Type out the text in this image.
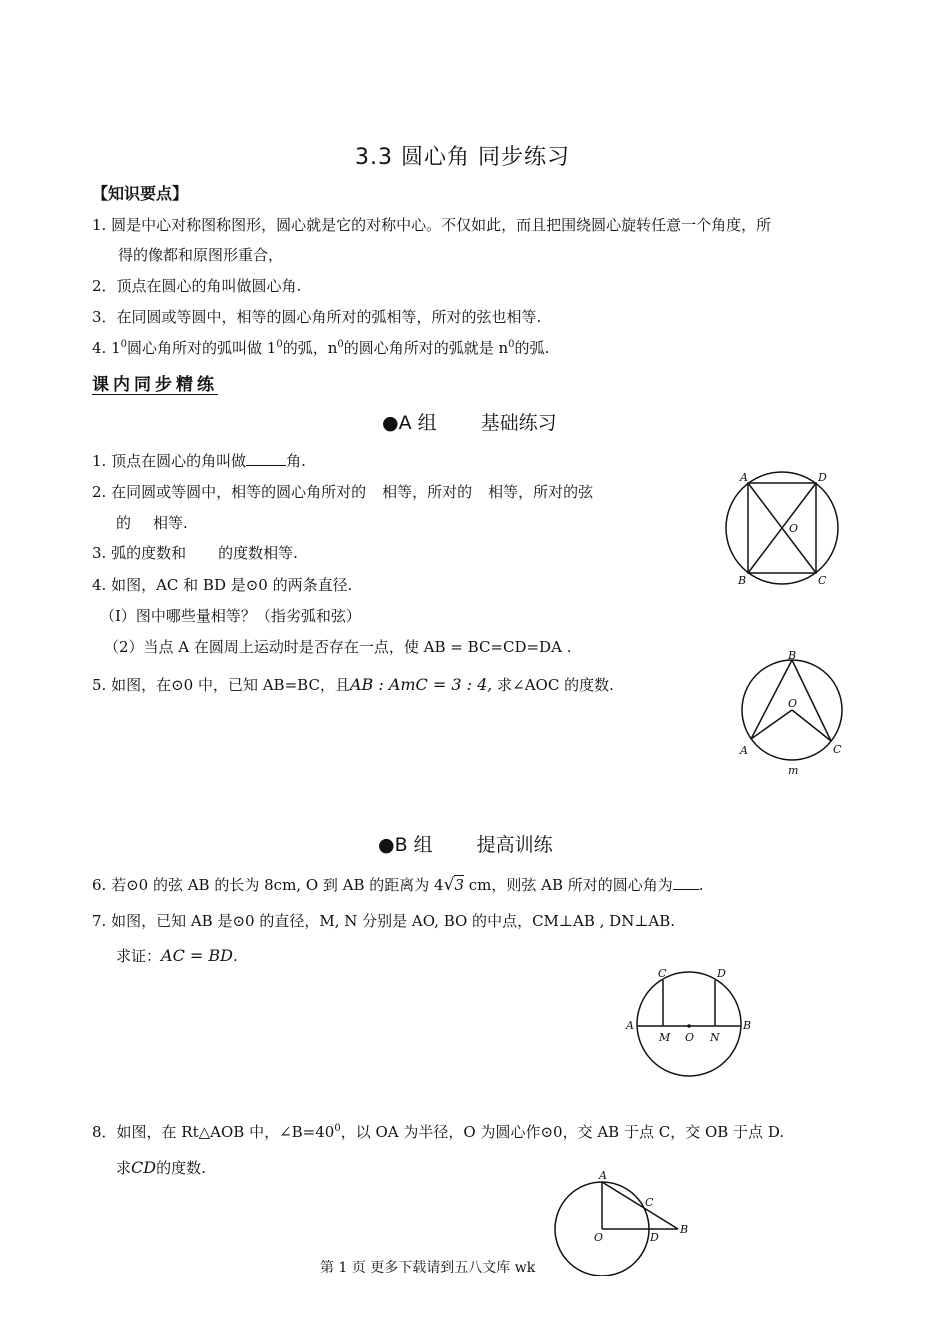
3.3 圆心角 同步练习
【知识要点】
1. 圆是中心对称图称图形，圆心就是它的对称中心。不仅如此，而且把围绕圆心旋转任意一个角度，所
得的像都和原图形重合，
2．顶点在圆心的角叫做圆心角.
3．在同圆或等圆中，相等的圆心角所对的弧相等，所对的弦也相等.
4. $1^0$圆心角所对的弧叫做 $1^0$的弧，$n^0$的圆心角所对的弧就是 $n^0$的弧.
课内同步精练
●A 组 基础练习
1. 顶点在圆心的角叫做	角.
2. 在同圆或等圆中，相等的圆心角所对的 相等，所对的 相等，所对的弦
的 相等.
3. 弧的度数和 的度数相等.
4. 如图，AC 和 BD 是⊙0 的两条直径.
（I）图中哪些量相等？（指劣弧和弦）
（2）当点 A 在圆周上运动时是否存在一点，使 AB = BC=CD=DA .
5. 如图，在⊙0 中，已知 AB=BC，且AB : AmC = 3 : 4, 求∠AOC 的度数.
●B 组 提高训练
6. 若⊙0 的弦 AB 的长为 8cm, O 到 AB 的距离为 4√3 cm，则弦 AB 所对的圆心角为 .
7. 如图，已知 AB 是⊙0 的直径，M, N 分别是 AO, BO 的中点，CM⊥AB , DN⊥AB.
求证：AC = BD.
8．如图，在 Rt△AOB 中，$\angle B=40^0$，以 OA 为半径，O 为圆心作⊙0，交 AB 于点 C，交 OB 于点 D.
求CD的度数.
A	D
O
B	C
B
O
A	C
m
C	D
A	B
M O N
A
C
O	D
B
第 1 页 更多下载请到五八文库 wk
